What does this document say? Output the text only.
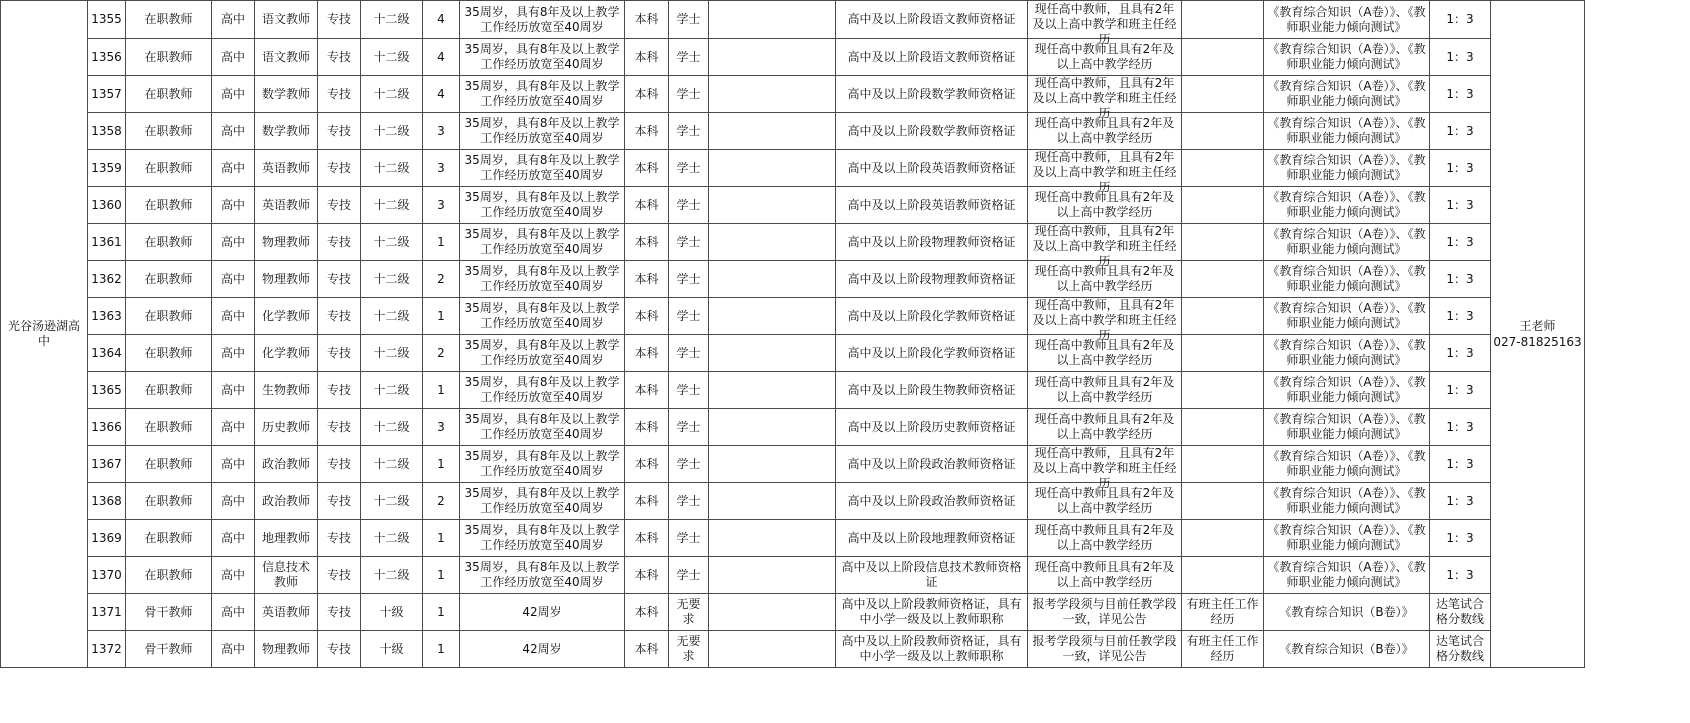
光谷汤逊湖高中	1355	在职教师	高中	语文教师	专技	十二级	4	35周岁，具有8年及以上教学工作经历放宽至40周岁	本科	学士		高中及以上阶段语文教师资格证	现任高中教师，且具有2年及以上高中教学和班主任经历		《教育综合知识（A卷）》、《教师职业能力倾向测试》	1：3	王老师
027-81825163

	1356	在职教师	高中	语文教师	专技	十二级	4	35周岁，具有8年及以上教学工作经历放宽至40周岁	本科	学士		高中及以上阶段语文教师资格证	现任高中教师且具有2年及以上高中教学经历		《教育综合知识（A卷）》、《教师职业能力倾向测试》	1：3	

	1357	在职教师	高中	数学教师	专技	十二级	4	35周岁，具有8年及以上教学工作经历放宽至40周岁	本科	学士		高中及以上阶段数学教师资格证	现任高中教师，且具有2年及以上高中教学和班主任经历		《教育综合知识（A卷）》、《教师职业能力倾向测试》	1：3	

	1358	在职教师	高中	数学教师	专技	十二级	3	35周岁，具有8年及以上教学工作经历放宽至40周岁	本科	学士		高中及以上阶段数学教师资格证	现任高中教师且具有2年及以上高中教学经历		《教育综合知识（A卷）》、《教师职业能力倾向测试》	1：3	

	1359	在职教师	高中	英语教师	专技	十二级	3	35周岁，具有8年及以上教学工作经历放宽至40周岁	本科	学士		高中及以上阶段英语教师资格证	现任高中教师，且具有2年及以上高中教学和班主任经历		《教育综合知识（A卷）》、《教师职业能力倾向测试》	1：3	

	1360	在职教师	高中	英语教师	专技	十二级	3	35周岁，具有8年及以上教学工作经历放宽至40周岁	本科	学士		高中及以上阶段英语教师资格证	现任高中教师且具有2年及以上高中教学经历		《教育综合知识（A卷）》、《教师职业能力倾向测试》	1：3	

	1361	在职教师	高中	物理教师	专技	十二级	1	35周岁，具有8年及以上教学工作经历放宽至40周岁	本科	学士		高中及以上阶段物理教师资格证	现任高中教师，且具有2年及以上高中教学和班主任经历		《教育综合知识（A卷）》、《教师职业能力倾向测试》	1：3	

	1362	在职教师	高中	物理教师	专技	十二级	2	35周岁，具有8年及以上教学工作经历放宽至40周岁	本科	学士		高中及以上阶段物理教师资格证	现任高中教师且具有2年及以上高中教学经历		《教育综合知识（A卷）》、《教师职业能力倾向测试》	1：3	

	1363	在职教师	高中	化学教师	专技	十二级	1	35周岁，具有8年及以上教学工作经历放宽至40周岁	本科	学士		高中及以上阶段化学教师资格证	现任高中教师，且具有2年及以上高中教学和班主任经历		《教育综合知识（A卷）》、《教师职业能力倾向测试》	1：3	

	1364	在职教师	高中	化学教师	专技	十二级	2	35周岁，具有8年及以上教学工作经历放宽至40周岁	本科	学士		高中及以上阶段化学教师资格证	现任高中教师且具有2年及以上高中教学经历		《教育综合知识（A卷）》、《教师职业能力倾向测试》	1：3	

	1365	在职教师	高中	生物教师	专技	十二级	1	35周岁，具有8年及以上教学工作经历放宽至40周岁	本科	学士		高中及以上阶段生物教师资格证	现任高中教师且具有2年及以上高中教学经历		《教育综合知识（A卷）》、《教师职业能力倾向测试》	1：3	

	1366	在职教师	高中	历史教师	专技	十二级	3	35周岁，具有8年及以上教学工作经历放宽至40周岁	本科	学士		高中及以上阶段历史教师资格证	现任高中教师且具有2年及以上高中教学经历		《教育综合知识（A卷）》、《教师职业能力倾向测试》	1：3	

	1367	在职教师	高中	政治教师	专技	十二级	1	35周岁，具有8年及以上教学工作经历放宽至40周岁	本科	学士		高中及以上阶段政治教师资格证	现任高中教师，且具有2年及以上高中教学和班主任经历		《教育综合知识（A卷）》、《教师职业能力倾向测试》	1：3	

	1368	在职教师	高中	政治教师	专技	十二级	2	35周岁，具有8年及以上教学工作经历放宽至40周岁	本科	学士		高中及以上阶段政治教师资格证	现任高中教师且具有2年及以上高中教学经历		《教育综合知识（A卷）》、《教师职业能力倾向测试》	1：3	

	1369	在职教师	高中	地理教师	专技	十二级	1	35周岁，具有8年及以上教学工作经历放宽至40周岁	本科	学士		高中及以上阶段地理教师资格证	现任高中教师且具有2年及以上高中教学经历		《教育综合知识（A卷）》、《教师职业能力倾向测试》	1：3	

	1370	在职教师	高中	信息技术教师	专技	十二级	1	35周岁，具有8年及以上教学工作经历放宽至40周岁	本科	学士		高中及以上阶段信息技术教师资格证	现任高中教师且具有2年及以上高中教学经历		《教育综合知识（A卷）》、《教师职业能力倾向测试》	1：3	

	1371	骨干教师	高中	英语教师	专技	十级	1	42周岁	本科	无要求		高中及以上阶段教师资格证，具有中小学一级及以上教师职称	报考学段须与目前任教学段一致，详见公告	有班主任工作经历	《教育综合知识（B卷）》	达笔试合格分数线	

	1372	骨干教师	高中	物理教师	专技	十级	1	42周岁	本科	无要求		高中及以上阶段教师资格证，具有中小学一级及以上教师职称	报考学段须与目前任教学段一致，详见公告	有班主任工作经历	《教育综合知识（B卷）》	达笔试合格分数线	
